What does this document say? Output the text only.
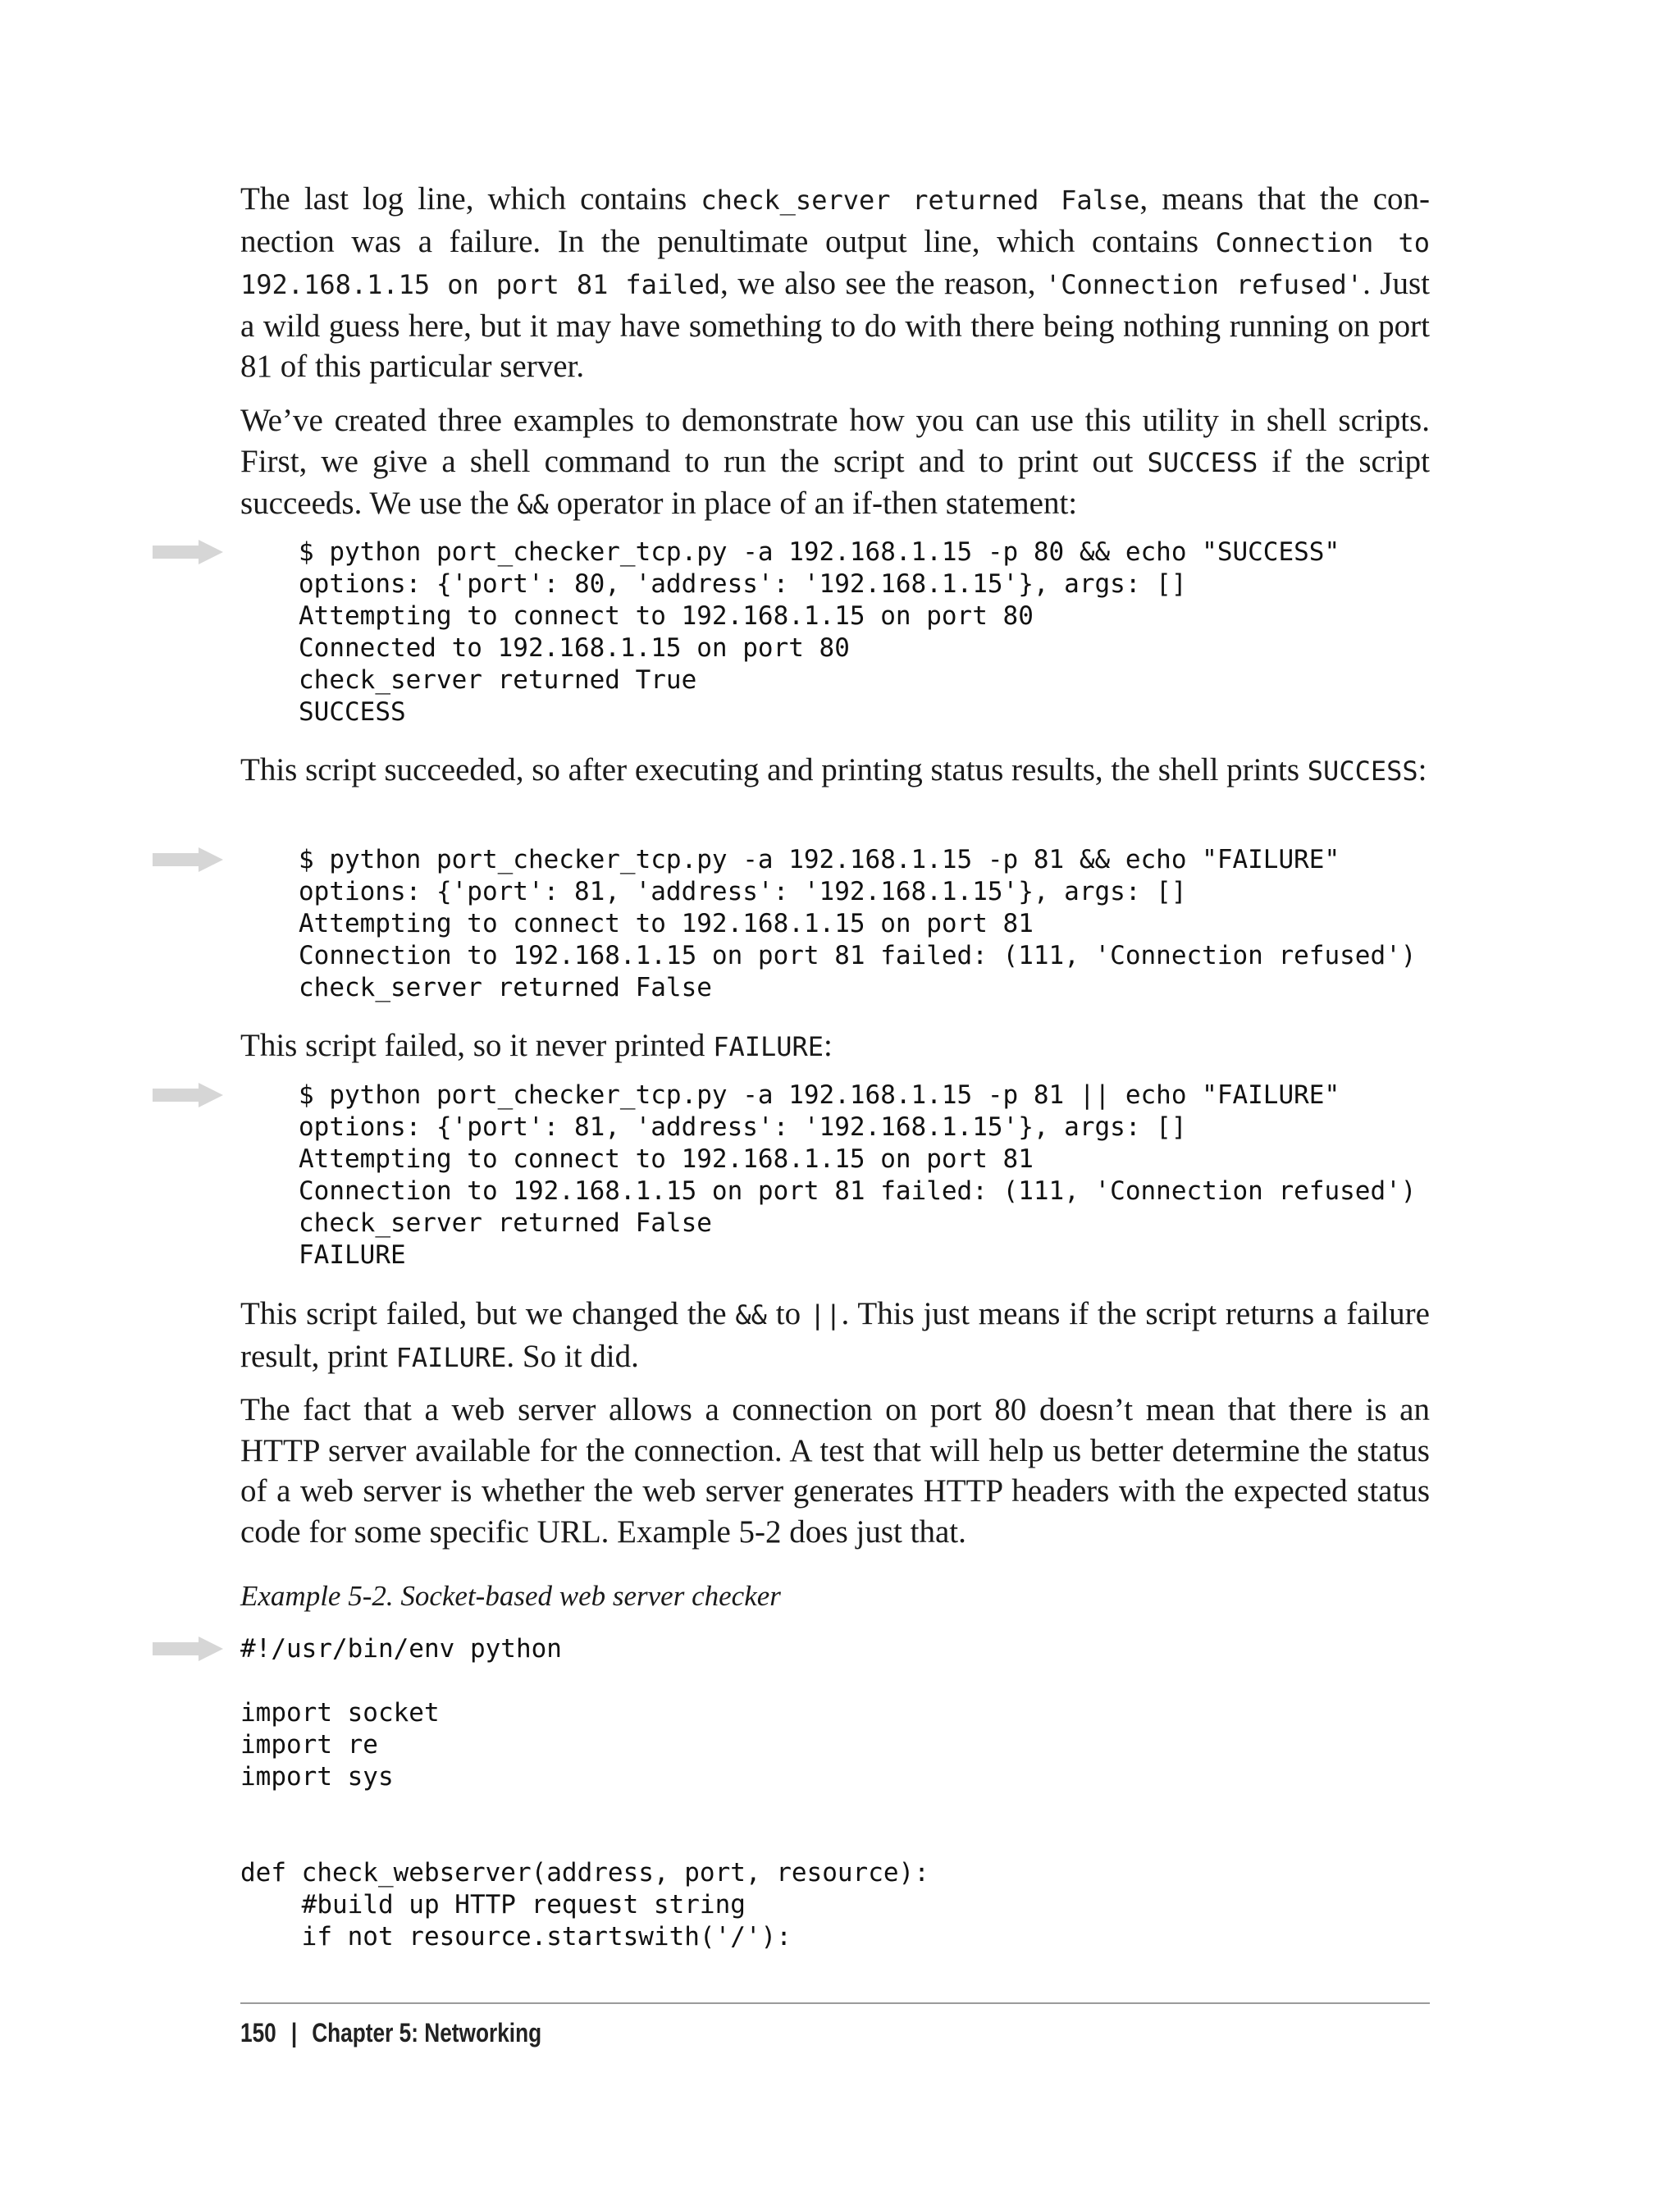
The last log line, which contains check_server returned False, means that the connection was a failure. In the penultimate output line, which contains Connection to 192.168.1.15 on port 81 failed, we also see the reason, 'Connection refused'. Just a wild guess here, but it may have something to do with there being nothing running on port 81 of this particular server.

We’ve created three examples to demonstrate how you can use this utility in shell scripts. First, we give a shell command to run the script and to print out SUCCESS if the script succeeds. We use the && operator in place of an if-then statement:

$ python port_checker_tcp.py -a 192.168.1.15 -p 80 && echo "SUCCESS"
options: {'port': 80, 'address': '192.168.1.15'}, args: []
Attempting to connect to 192.168.1.15 on port 80
Connected to 192.168.1.15 on port 80
check_server returned True
SUCCESS

This script succeeded, so after executing and printing status results, the shell prints SUCCESS:

$ python port_checker_tcp.py -a 192.168.1.15 -p 81 && echo "FAILURE"
options: {'port': 81, 'address': '192.168.1.15'}, args: []
Attempting to connect to 192.168.1.15 on port 81
Connection to 192.168.1.15 on port 81 failed: (111, 'Connection refused')
check_server returned False

This script failed, so it never printed FAILURE:

$ python port_checker_tcp.py -a 192.168.1.15 -p 81 || echo "FAILURE"
options: {'port': 81, 'address': '192.168.1.15'}, args: []
Attempting to connect to 192.168.1.15 on port 81
Connection to 192.168.1.15 on port 81 failed: (111, 'Connection refused')
check_server returned False
FAILURE

This script failed, but we changed the && to ||. This just means if the script returns a failure result, print FAILURE. So it did.

The fact that a web server allows a connection on port 80 doesn’t mean that there is an HTTP server available for the connection. A test that will help us better determine the status of a web server is whether the web server generates HTTP headers with the expected status code for some specific URL. Example 5-2 does just that.

Example 5-2. Socket-based web server checker

#!/usr/bin/env python

import socket
import re
import sys

def check_webserver(address, port, resource):
#build up HTTP request string
if not resource.startswith('/'):
150 | Chapter 5: Networking
